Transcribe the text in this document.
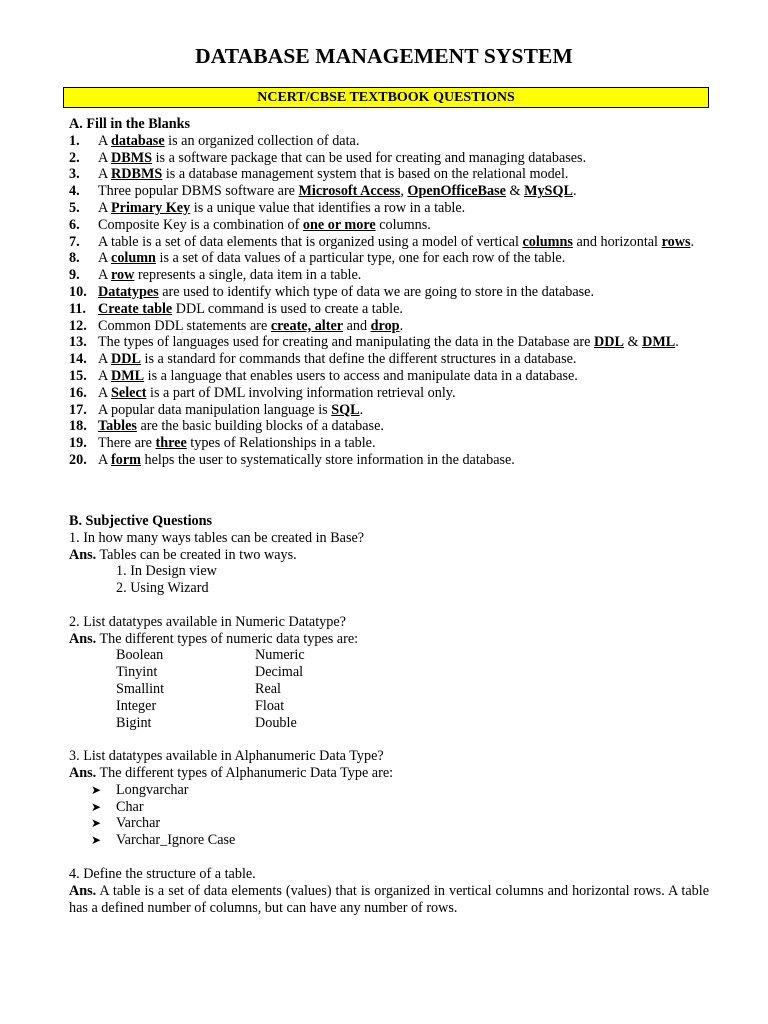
DATABASE MANAGEMENT SYSTEM
NCERT/CBSE TEXTBOOK QUESTIONS
A. Fill in the Blanks
1.	A database is an organized collection of data.
2.	A DBMS is a software package that can be used for creating and managing databases.
3.	A RDBMS is a database management system that is based on the relational model.
4.	Three popular DBMS software are Microsoft Access, OpenOfficeBase & MySQL.
5.	A Primary Key is a unique value that identifies a row in a table.
6.	Composite Key is a combination of one or more columns.
7.	A table is a set of data elements that is organized using a model of vertical columns and horizontal rows.
8.	A column is a set of data values of a particular type, one for each row of the table.
9.	A row represents a single, data item in a table.
10. Datatypes are used to identify which type of data we are going to store in the database.
11. Create table DDL command is used to create a table.
12. Common DDL statements are create, alter and drop.
13. The types of languages used for creating and manipulating the data in the Database are DDL & DML.
14. A DDL is a standard for commands that define the different structures in a database.
15. A DML is a language that enables users to access and manipulate data in a database.
16. A Select is a part of DML involving information retrieval only.
17. A popular data manipulation language is SQL.
18. Tables are the basic building blocks of a database.
19. There are three types of Relationships in a table.
20. A form helps the user to systematically store information in the database.
B. Subjective Questions
1. In how many ways tables can be created in Base?
Ans. Tables can be created in two ways.
1. In Design view
2. Using Wizard
2. List datatypes available in Numeric Datatype?
Ans. The different types of numeric data types are:
Boolean	Numeric
Tinyint	Decimal
Smallint	Real
Integer	Float
Bigint	Double
3. List datatypes available in Alphanumeric Data Type?
Ans. The different types of Alphanumeric Data Type are:
➤	Longvarchar
➤	Char
➤	Varchar
➤	Varchar_Ignore Case
4. Define the structure of a table.
Ans. A table is a set of data elements (values) that is organized in vertical columns and horizontal rows. A table has a defined number of columns, but can have any number of rows.
